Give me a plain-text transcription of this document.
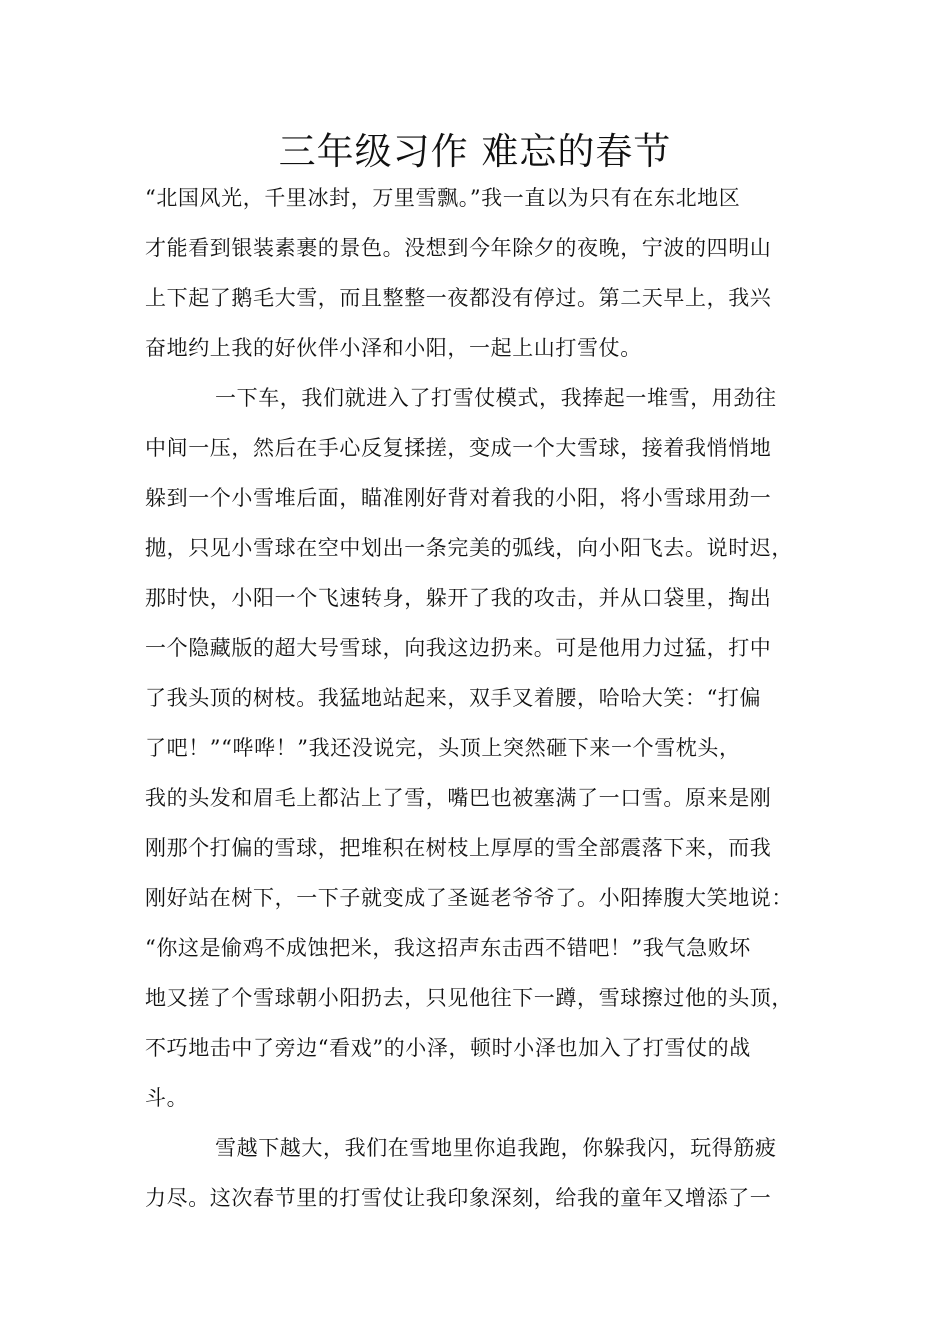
三年级习作 难忘的春节
“北国风光，千里冰封，万里雪飘。”我一直以为只有在东北地区
才能看到银装素裹的景色。没想到今年除夕的夜晚，宁波的四明山
上下起了鹅毛大雪，而且整整一夜都没有停过。第二天早上，我兴
奋地约上我的好伙伴小泽和小阳，一起上山打雪仗。
一下车，我们就进入了打雪仗模式，我捧起一堆雪，用劲往
中间一压，然后在手心反复揉搓，变成一个大雪球，接着我悄悄地
躲到一个小雪堆后面，瞄准刚好背对着我的小阳，将小雪球用劲一
抛，只见小雪球在空中划出一条完美的弧线，向小阳飞去。说时迟，
那时快，小阳一个飞速转身，躲开了我的攻击，并从口袋里，掏出
一个隐藏版的超大号雪球，向我这边扔来。可是他用力过猛，打中
了我头顶的树枝。我猛地站起来，双手叉着腰，哈哈大笑：“打偏
了吧！”“哗哗！”我还没说完，头顶上突然砸下来一个雪枕头，
我的头发和眉毛上都沾上了雪，嘴巴也被塞满了一口雪。原来是刚
刚那个打偏的雪球，把堆积在树枝上厚厚的雪全部震落下来，而我
刚好站在树下，一下子就变成了圣诞老爷爷了。小阳捧腹大笑地说：
“你这是偷鸡不成蚀把米，我这招声东击西不错吧！”我气急败坏
地又搓了个雪球朝小阳扔去，只见他往下一蹲，雪球擦过他的头顶，
不巧地击中了旁边“看戏”的小泽，顿时小泽也加入了打雪仗的战
斗。
雪越下越大，我们在雪地里你追我跑，你躲我闪，玩得筋疲
力尽。这次春节里的打雪仗让我印象深刻，给我的童年又增添了一
